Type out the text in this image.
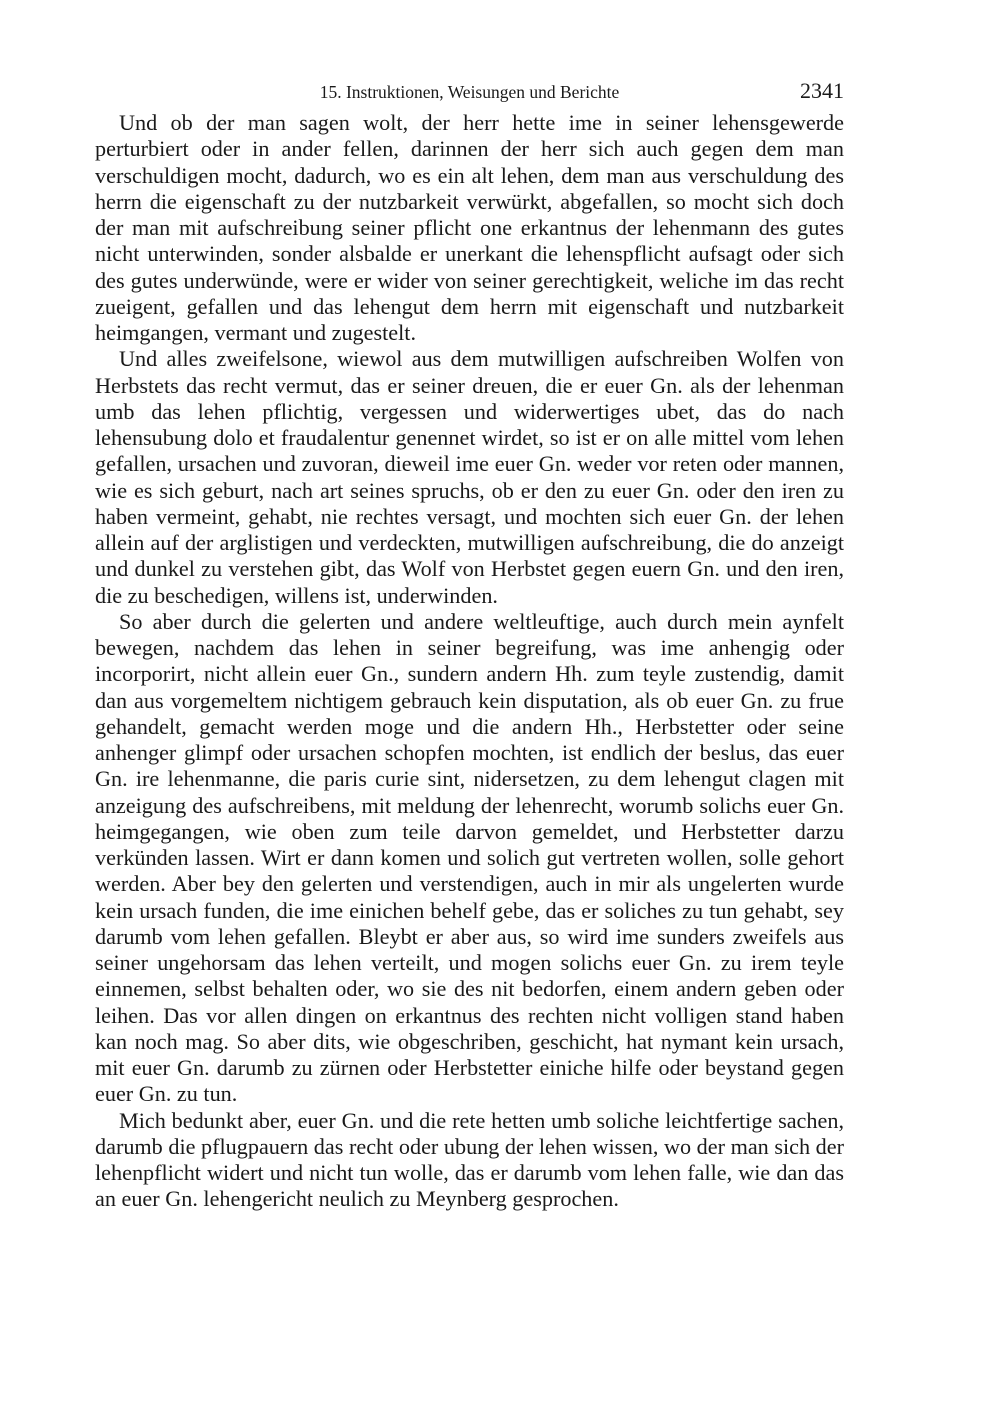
15. Instruktionen, Weisungen und Berichte	2341

Und ob der man sagen wolt, der herr hette ime in seiner lehensgewerde perturbiert oder in ander fellen, darinnen der herr sich auch gegen dem man verschuldigen mocht, dadurch, wo es ein alt lehen, dem man aus verschuldung des herrn die eigenschaft zu der nutzbarkeit verwürkt, abgefallen, so mocht sich doch der man mit aufschreibung seiner pflicht one erkantnus der lehenmann des gutes nicht unterwinden, sonder alsbalde er unerkant die lehenspflicht aufsagt oder sich des gutes underwünde, were er wider von seiner gerechtigkeit, weliche im das recht zueigent, gefallen und das lehengut dem herrn mit eigenschaft und nutzbarkeit heimgangen, vermant und zugestelt.

Und alles zweifelsone, wiewol aus dem mutwilligen aufschreiben Wolfen von Herbstets das recht vermut, das er seiner dreuen, die er euer Gn. als der lehenman umb das lehen pflichtig, vergessen und widerwertiges ubet, das do nach lehensubung dolo et fraudalentur genennet wirdet, so ist er on alle mittel vom lehen gefallen, ursachen und zuvoran, dieweil ime euer Gn. weder vor reten oder mannen, wie es sich geburt, nach art seines spruchs, ob er den zu euer Gn. oder den iren zu haben vermeint, gehabt, nie rechtes versagt, und mochten sich euer Gn. der lehen allein auf der arglistigen und verdeckten, mutwilligen aufschreibung, die do anzeigt und dunkel zu verstehen gibt, das Wolf von Herbstet gegen euern Gn. und den iren, die zu beschedigen, willens ist, underwinden.

So aber durch die gelerten und andere weltleuftige, auch durch mein aynfelt bewegen, nachdem das lehen in seiner begreifung, was ime anhengig oder incorporirt, nicht allein euer Gn., sundern andern Hh. zum teyle zustendig, damit dan aus vorgemeltem nichtigem gebrauch kein disputation, als ob euer Gn. zu frue gehandelt, gemacht werden moge und die andern Hh., Herbstetter oder seine anhenger glimpf oder ursachen schopfen mochten, ist endlich der beslus, das euer Gn. ire lehenmanne, die paris curie sint, nidersetzen, zu dem lehengut clagen mit anzeigung des aufschreibens, mit meldung der lehenrecht, worumb solichs euer Gn. heimgegangen, wie oben zum teile darvon gemeldet, und Herbstetter darzu verkünden lassen. Wirt er dann komen und solich gut vertreten wollen, solle gehort werden. Aber bey den gelerten und verstendigen, auch in mir als ungelerten wurde kein ursach funden, die ime einichen behelf gebe, das er soliches zu tun gehabt, sey darumb vom lehen gefallen. Bleybt er aber aus, so wird ime sunders zweifels aus seiner ungehorsam das lehen verteilt, und mogen solichs euer Gn. zu irem teyle einnemen, selbst behalten oder, wo sie des nit bedorfen, einem andern geben oder leihen. Das vor allen dingen on erkantnus des rechten nicht volligen stand haben kan noch mag. So aber dits, wie obgeschriben, geschicht, hat nymant kein ursach, mit euer Gn. darumb zu zürnen oder Herbstetter einiche hilfe oder beystand gegen euer Gn. zu tun.

Mich bedunkt aber, euer Gn. und die rete hetten umb soliche leichtfertige sachen, darumb die pflugpauern das recht oder ubung der lehen wissen, wo der man sich der lehenpflicht widert und nicht tun wolle, das er darumb vom lehen falle, wie dan das an euer Gn. lehengericht neulich zu Meynberg gesprochen.
